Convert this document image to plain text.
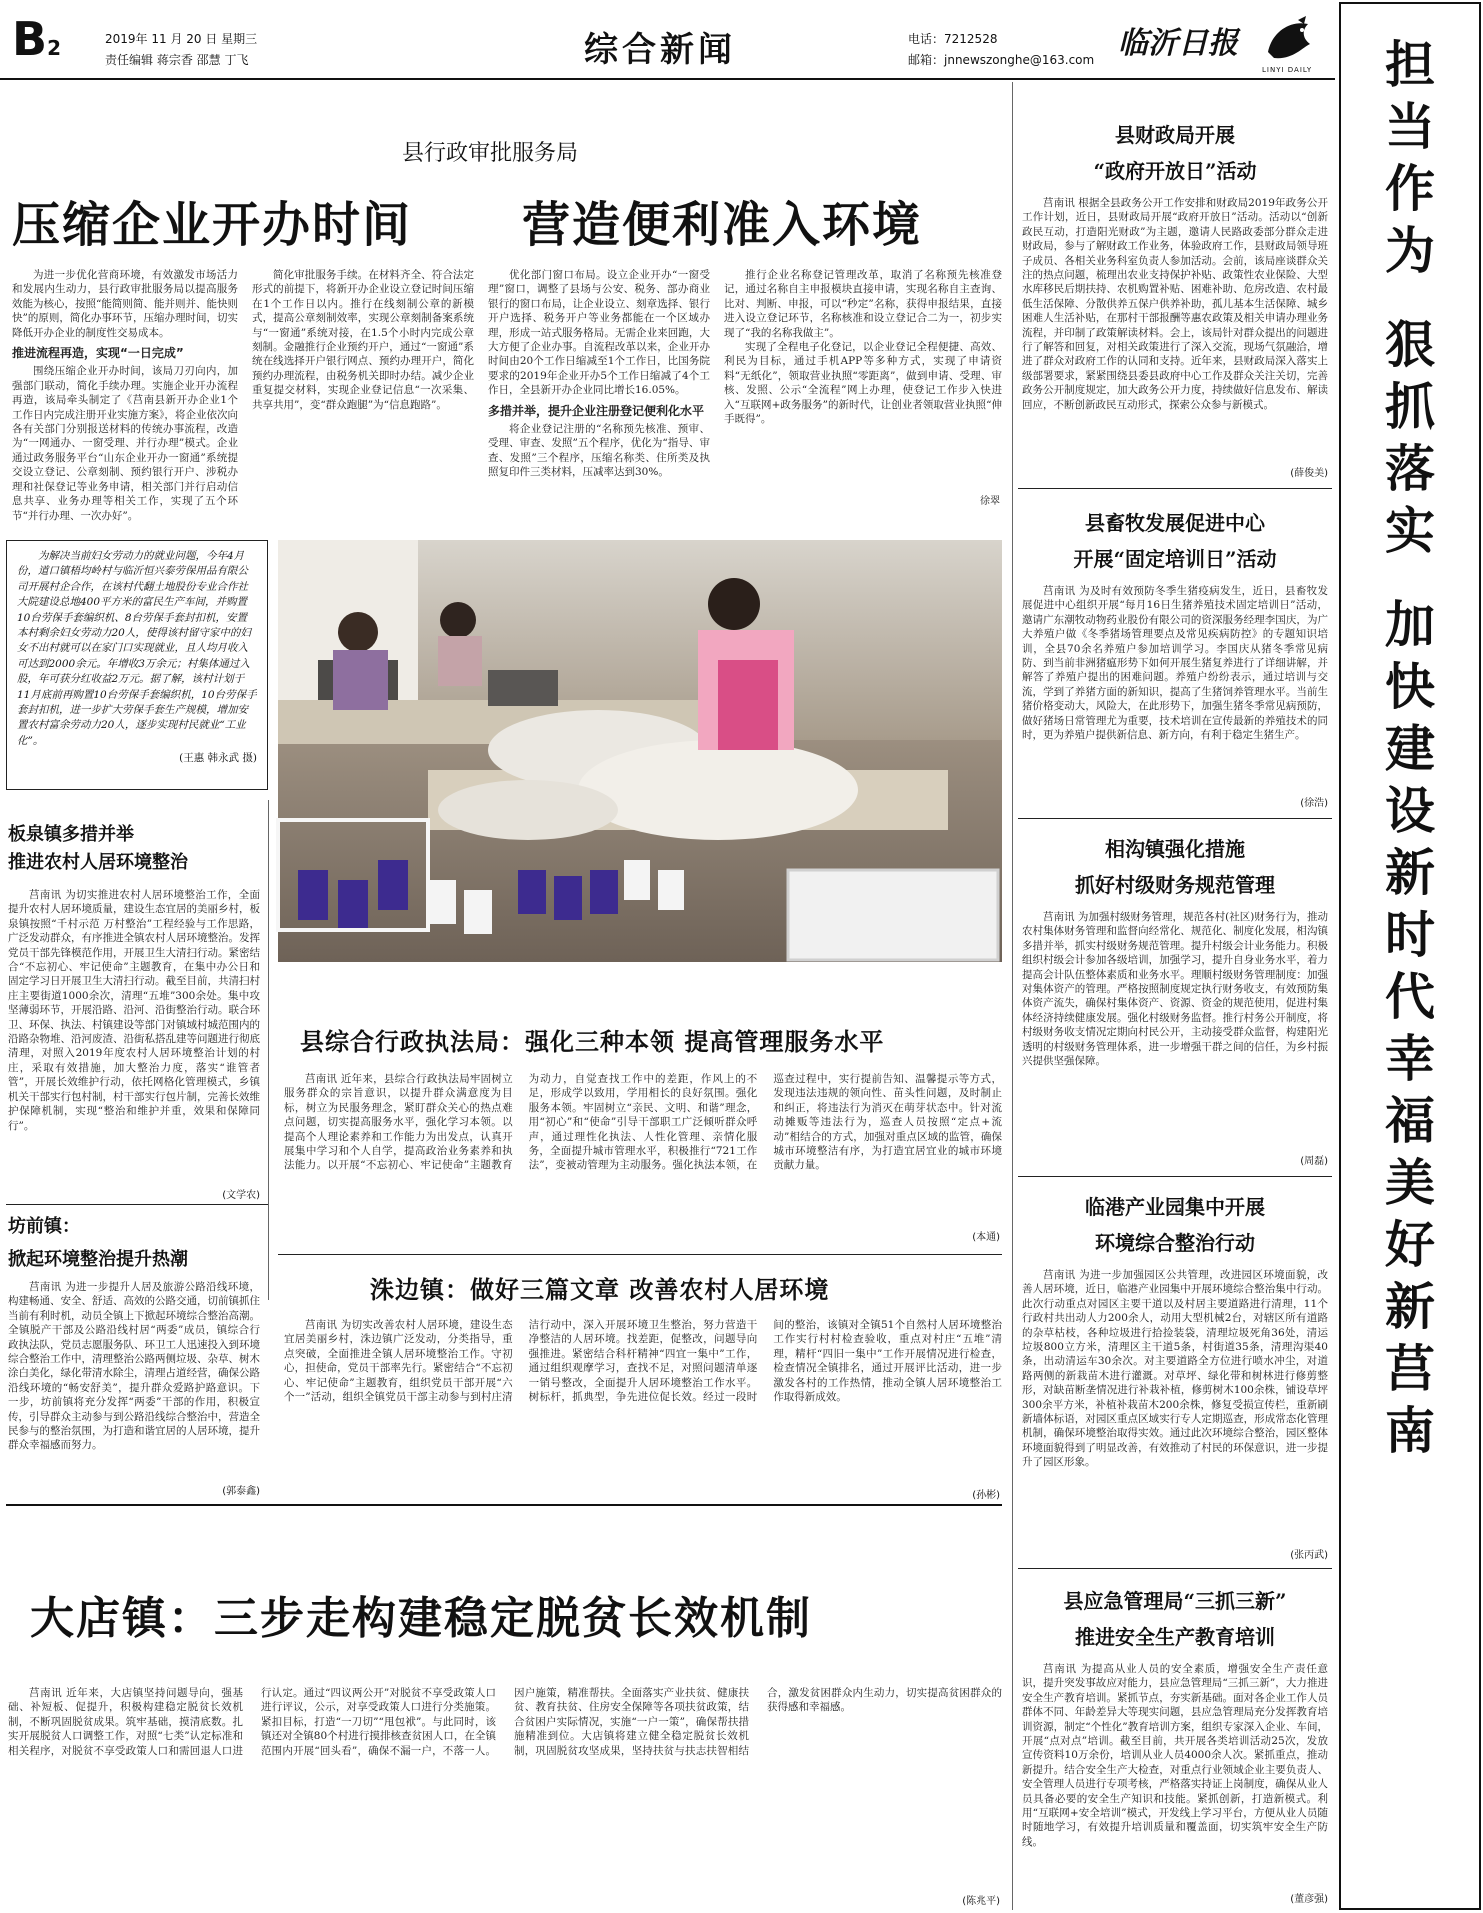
B2	2019年 11 月 20 日 星期三
责任编辑 蒋宗香 邵慧 丁飞	综合新闻	电话：7212528
邮箱：jnnewszonghe@163.com 临沂日报
LINYI DAILY 担当作为
狠抓落实
加快建设新时代幸福美好新莒南
县行政审批服务局
压缩企业开办时间 营造便利准入环境

为进一步优化营商环境，有效激发市场活力和发展内生动力，县行政审批服务局以提高服务效能为核心，按照“能简则简、能并则并、能快则快”的原则，简化办事环节，压缩办理时间，切实降低开办企业的制度性交易成本。

推进流程再造，实现“一日完成”

围绕压缩企业开办时间，该局刀刃向内，加强部门联动，简化手续办理。实施企业开办流程再造，该局牵头制定了《莒南县新开办企业1个工作日内完成注册开业实施方案》，将企业依次向各有关部门分别报送材料的传统办事流程，改造为“一网通办、一窗受理、并行办理”模式。企业通过政务服务平台“山东企业开办一窗通”系统提交设立登记、公章刻制、预约银行开户、涉税办理和社保登记等业务申请，相关部门并行启动信息共享、业务办理等相关工作，实现了五个环节“并行办理、一次办好”。

简化审批服务手续。在材料齐全、符合法定形式的前提下，将新开办企业设立登记时间压缩在1个工作日以内。推行在线刻制公章的新模式，提高公章刻制效率，实现公章刻制备案系统与“一窗通”系统对接，在1.5个小时内完成公章刻制。金融推行企业预约开户，通过“一窗通”系统在线选择开户银行网点、预约办理开户，简化预约办理流程，由税务机关即时办结。减少企业重复提交材料，实现企业登记信息“一次采集、共享共用”，变“群众跑腿”为“信息跑路”。

优化部门窗口布局。设立企业开办“一窗受理”窗口，调整了县场与公安、税务、部办商业银行的窗口布局，让企业设立、刻章选择、银行开户选择、税务开户等业务都能在一个区域办理，形成一站式服务格局。无需企业来回跑，大大方便了企业办事。自流程改革以来，企业开办时间由20个工作日缩减至1个工作日，比国务院要求的2019年企业开办5个工作日缩减了4个工作日，全县新开办企业同比增长16.05%。

多措并举，提升企业注册登记便利化水平

将企业登记注册的“名称预先核准、预审、受理、审查、发照”五个程序，优化为“指导、审查、发照”三个程序，压缩名称类、住所类及执照复印件三类材料，压减率达到30%。

推行企业名称登记管理改革，取消了名称预先核准登记，通过名称自主申报模块直接申请，实现名称自主查询、比对、判断、申报，可以“秒定”名称，获得申报结果，直接进入设立登记环节，名称核准和设立登记合二为一，初步实现了“我的名称我做主”。

实现了全程电子化登记，以企业登记全程便捷、高效、利民为目标，通过手机APP等多种方式，实现了申请资料“无纸化”，领取营业执照“零距离”，做到申请、受理、审核、发照、公示“全流程”网上办理，使登记工作步入快进入“互联网+政务服务”的新时代，让创业者领取营业执照“伸手既得”。

徐翠
为解决当前妇女劳动力的就业问题，今年4月份，道口镇梧均岭村与临沂恒兴泰劳保用品有限公司开展村企合作，在该村代翻土地股份专业合作社大院建设总地400平方米的富民生产车间，并购置10台劳保手套编织机、8台劳保手套封扣机，安置本村剩余妇女劳动力20人，使得该村留守家中的妇女不出村就可以在家门口实现就业，且人均月收入可达到2000余元。年增收3万余元；村集体通过入股，年可获分红收益2万元。据了解，该村计划于11月底前再购置10台劳保手套编织机，10台劳保手套封扣机，进一步扩大劳保手套生产规模，增加安置农村富余劳动力20人，逐步实现村民就业“工业化”。
(王惠 韩永武 摄)
板泉镇多措并举
推进农村人居环境整治

莒南讯 为切实推进农村人居环境整治工作，全面提升农村人居环境质量，建设生态宜居的美丽乡村，板泉镇按照“千村示范 万村整治”工程经验与工作思路，广泛发动群众，有序推进全镇农村人居环境整治。发挥党员干部先锋模范作用，开展卫生大清扫行动。紧密结合“不忘初心、牢记使命”主题教育，在集中办公日和固定学习日开展卫生大清扫行动。截至目前，共清扫村庄主要街道1000余次，清理“五堆”300余处。集中攻坚薄弱环节，开展沿路、沿河、沿街整治行动。联合环卫、环保、执法、村镇建设等部门对镇域村城范围内的沿路杂物堆、沿河废渣、沿街私搭乱建等问题进行彻底清理，对照入2019年度农村人居环境整治计划的村庄，采取有效措施，加大整治力度，落实“谁管者管”，开展长效维护行动，依托网格化管理模式，乡镇机关干部实行包村制，村干部实行包片制，完善长效维护保障机制，实现“整治和维护并重，效果和保障同行”。

(文学农)
坊前镇：
掀起环境整治提升热潮

莒南讯 为进一步提升人居及旅游公路沿线环境，构建畅通、安全、舒适、高效的公路交通，切前镇抓住当前有利时机，动员全镇上下掀起环境综合整治高潮。全镇脱产干部及公路沿线村居“两委”成员，镇综合行政执法队，党员志愿服务队、环卫工人迅速投入到环境综合整治工作中，清理整治公路两侧垃圾、杂草、树木涂白美化，绿化带清水除尘，清理占道经营，确保公路沿线环境的“畅安舒美”，提升群众爱路护路意识。下一步，坊前镇将充分发挥“两委”干部的作用，积极宣传，引导群众主动参与到公路沿线综合整治中，营造全民参与的整治氛围，为打造和谐宜居的人居环境，提升群众幸福感而努力。

(郭泰鑫)
县综合行政执法局：强化三种本领 提高管理服务水平

莒南讯 近年来，县综合行政执法局牢固树立服务群众的宗旨意识，以提升群众满意度为目标，树立为民服务理念，紧盯群众关心的热点难点问题，切实提高服务水平，强化学习本领。以提高个人理论素养和工作能力为出发点，认真开展集中学习和个人自学，提高政治业务素养和执法能力。以开展“不忘初心、牢记使命”主题教育为动力，自觉查找工作中的差距，作风上的不足，形成学以致用，学用相长的良好氛围。强化服务本领。牢固树立“亲民、文明、和谐”理念，用“初心”和“使命”引导干部职工广泛倾听群众呼声，通过理性化执法、人性化管理、亲情化服务，全面提升城市管理水平，积极推行“721工作法”，变被动管理为主动服务。强化执法本领，在巡查过程中，实行提前告知、温馨提示等方式，发现违法违规的领向性、苗头性问题，及时制止和纠正，将违法行为消灭在萌芽状态中。针对流动摊贩等违法行为，巡查人员按照“定点+流动”相结合的方式，加强对重点区域的监管，确保城市环境整洁有序，为打造宜居宜业的城市环境贡献力量。

(本通)
洙边镇：做好三篇文章 改善农村人居环境

莒南讯 为切实改善农村人居环境，建设生态宜居美丽乡村，洙边镇广泛发动，分类指导，重点突破，全面推进全镇人居环境整治工作。守初心，担使命，党员干部率先行。紧密结合“不忘初心、牢记使命”主题教育，组织党员干部开展“六个一”活动，组织全镇党员干部主动参与到村庄清洁行动中，深入开展环境卫生整治，努力营造干净整洁的人居环境。找差距，促整改，问题导向强推进。紧密结合科杆精神“四宜一集中”工作，通过组织观摩学习，查找不足，对照问题清单逐一销号整改，全面提升人居环境整治工作水平。树标杆，抓典型，争先进位促长效。经过一段时间的整治，该镇对全镇51个自然村人居环境整治工作实行村村检查验收，重点对村庄“五堆”清理，精杆“四旧一集中”工作开展情况进行检查，检查情况全镇排名，通过开展评比活动，进一步激发各村的工作热情，推动全镇人居环境整治工作取得新成效。

(孙彬)
大店镇：三步走构建稳定脱贫长效机制

莒南讯 近年来，大店镇坚持问题导向，强基础、补短板、促提升，积极构建稳定脱贫长效机制，不断巩固脱贫成果。筑牢基础，摸清底数。扎实开展脱贫人口调整工作，对照“七类”认定标准和相关程序，对脱贫不享受政策人口和需回退人口进行认定。通过“四议两公开”对脱贫不享受政策人口进行评议，公示，对享受政策人口进行分类施策。紧扣目标，打造“一刀切”“甩包袱”。与此同时，该镇还对全镇80个村进行摸排核查贫困人口，在全镇范围内开展“回头看”，确保不漏一户，不落一人。因户施策，精准帮扶。全面落实产业扶贫、健康扶贫、教育扶贫、住房安全保障等各项扶贫政策，结合贫困户实际情况，实施“一户一策”，确保帮扶措施精准到位。大店镇将建立健全稳定脱贫长效机制，巩固脱贫攻坚成果，坚持扶贫与扶志扶智相结合，激发贫困群众内生动力，切实提高贫困群众的获得感和幸福感。

(陈兆平)
县财政局开展
“政府开放日”活动

莒南讯 根据全县政务公开工作安排和财政局2019年政务公开工作计划，近日，县财政局开展“政府开放日”活动。活动以“创新政民互动，打造阳光财政”为主题，邀请人民路政委部分群众走进财政局，参与了解财政工作业务，体验政府工作，县财政局领导班子成员、各相关业务科室负责人参加活动。会前，该局座谈群众关注的热点问题，梳理出农业支持保护补贴、政策性农业保险、大型水库移民后期扶持、农机购置补贴、困难补助、危房改造、农村最低生活保障、分散供养五保户供养补助，孤儿基本生活保障、城乡困难人生活补贴，在那村干部报酬等惠农政策及相关申请办理业务流程，并印制了政策解读材料。会上，该局针对群众提出的问题进行了解答和回复，对相关政策进行了深入交流，现场气氛融洽，增进了群众对政府工作的认同和支持。近年来，县财政局深入落实上级部署要求，紧紧围绕县委县政府中心工作及群众关注关切，完善政务公开制度规定，加大政务公开力度，持续做好信息发布、解读回应，不断创新政民互动形式，探索公众参与新模式。

(薛俊美)
县畜牧发展促进中心
开展“固定培训日”活动

莒南讯 为及时有效预防冬季生猪疫病发生，近日，县畜牧发展促进中心组织开展“每月16日生猪养殖技术固定培训日”活动，邀请广东潮牧动物药业股份有限公司的资深服务经理李国庆，为广大养殖户做《冬季猪场管理要点及常见疾病防控》的专题知识培训，全县70余名养殖户参加培训学习。李国庆从猪冬季常见病防、到当前非洲猪瘟形势下如何开展生猪复养进行了详细讲解，并解答了养殖户提出的困难问题。养殖户纷纷表示，通过培训与交流，学到了养猪方面的新知识，提高了生猪饲养管理水平。当前生猪价格变动大，风险大，在此形势下，加强生猪冬季常见病预防，做好猪场日常管理尤为重要，技术培训在宣传最新的养殖技术的同时，更为养殖户提供新信息、新方向，有利于稳定生猪生产。

(徐浩)
相沟镇强化措施
抓好村级财务规范管理

莒南讯 为加强村级财务管理，规范各村(社区)财务行为，推动农村集体财务管理和监督向经常化、规范化、制度化发展，相沟镇多措并举，抓实村级财务规范管理。提升村级会计业务能力。积极组织村级会计参加各级培训，加强学习，提升自身业务水平，着力提高会计队伍整体素质和业务水平。理顺村级财务管理制度：加强对集体资产的管理。严格按照制度规定执行财务收支，有效预防集体资产流失，确保村集体资产、资源、资金的规范使用，促进村集体经济持续健康发展。强化村级财务监督。推行村务公开制度，将村级财务收支情况定期向村民公开，主动接受群众监督，构建阳光透明的村级财务管理体系，进一步增强干群之间的信任，为乡村振兴提供坚强保障。

(周磊)
临港产业园集中开展
环境综合整治行动

莒南讯 为进一步加强园区公共管理，改进园区环境面貌，改善人居环境，近日，临港产业园集中开展环境综合整治集中行动。此次行动重点对园区主要干道以及村居主要道路进行清理，11个行政村共出动人力200余人，动用大型机械2台，对辖区所有道路的杂草枯枝，各种垃圾进行拾捡装袋，清理垃圾死角36处，清运垃圾800立方米，清理区主干道5条，村街道35条，清理沟渠40条，出动清运车30余次。对主要道路全方位进行喷水冲尘，对道路两侧的新栽苗木进行灌溉。对草坪、绿化带和树林进行修剪整形，对缺苗断垄情况进行补栽补植，修剪树木100余株，铺设草坪300余平方米，补植补栽苗木200余株，修复受损宣传栏，重新刷新墙体标语，对园区重点区域实行专人定期巡查，形成常态化管理机制，确保环境整治取得实效。通过此次环境综合整治，园区整体环境面貌得到了明显改善，有效推动了村民的环保意识，进一步提升了园区形象。

(张丙武)
县应急管理局“三抓三新”
推进安全生产教育培训

莒南讯 为提高从业人员的安全素质，增强安全生产责任意识，提升突发事故应对能力，县应急管理局“三抓三新”，大力推进安全生产教育培训。紧抓节点，夯实新基础。面对各企业工作人员群体不同、年龄差异大等现实问题，县应急管理局充分发挥教育培训资源，制定“个性化”教育培训方案，组织专家深入企业、车间，开展“点对点”培训。截至目前，共开展各类培训活动25次，发放宣传资料10万余份，培训从业人员4000余人次。紧抓重点，推动新提升。结合安全生产大检查，对重点行业领域企业主要负责人、安全管理人员进行专项考核，严格落实持证上岗制度，确保从业人员具备必要的安全生产知识和技能。紧抓创新，打造新模式。利用“互联网+安全培训”模式，开发线上学习平台，方便从业人员随时随地学习，有效提升培训质量和覆盖面，切实筑牢安全生产防线。

(董彦强)
